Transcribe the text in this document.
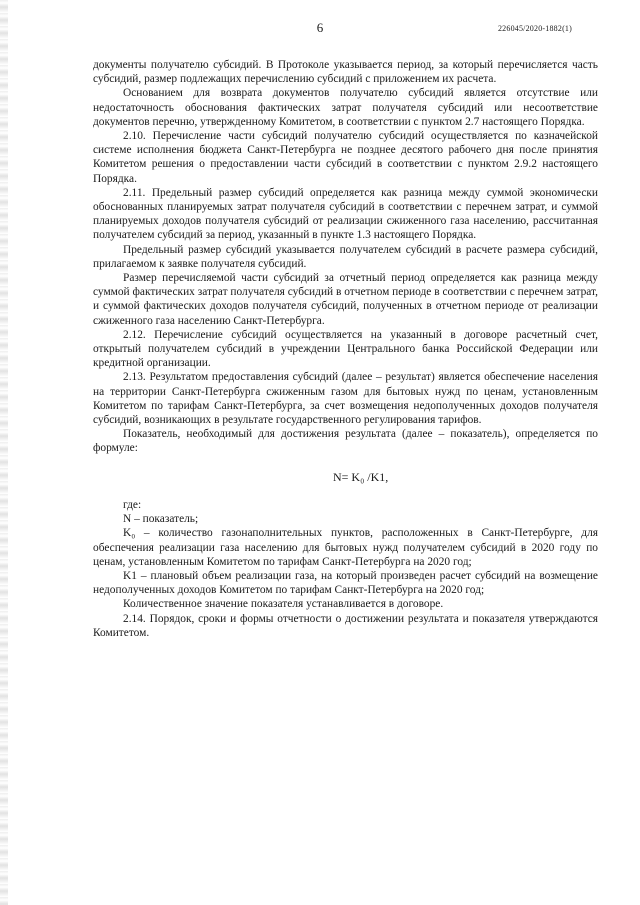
6	226045/2020-1882(1)

документы получателю субсидий. В Протоколе указывается период, за который перечисляется часть субсидий, размер подлежащих перечислению субсидий с приложением их расчета.

Основанием для возврата документов получателю субсидий является отсутствие или недостаточность обоснования фактических затрат получателя субсидий или несоответствие документов перечню, утвержденному Комитетом, в соответствии с пунктом 2.7 настоящего Порядка.

2.10. Перечисление части субсидий получателю субсидий осуществляется по казначейской системе исполнения бюджета Санкт-Петербурга не позднее десятого рабочего дня после принятия Комитетом решения о предоставлении части субсидий в соответствии с пунктом 2.9.2 настоящего Порядка.

2.11. Предельный размер субсидий определяется как разница между суммой экономически обоснованных планируемых затрат получателя субсидий в соответствии с перечнем затрат, и суммой планируемых доходов получателя субсидий от реализации сжиженного газа населению, рассчитанная получателем субсидий за период, указанный в пункте 1.3 настоящего Порядка.

Предельный размер субсидий указывается получателем субсидий в расчете размера субсидий, прилагаемом к заявке получателя субсидий.

Размер перечисляемой части субсидий за отчетный период определяется как разница между суммой фактических затрат получателя субсидий в отчетном периоде в соответствии с перечнем затрат, и суммой фактических доходов получателя субсидий, полученных в отчетном периоде от реализации сжиженного газа населению Санкт-Петербурга.

2.12. Перечисление субсидий осуществляется на указанный в договоре расчетный счет, открытый получателем субсидий в учреждении Центрального банка Российской Федерации или кредитной организации.

2.13. Результатом предоставления субсидий (далее – результат) является обеспечение населения на территории Санкт-Петербурга сжиженным газом для бытовых нужд по ценам, установленным Комитетом по тарифам Санкт-Петербурга, за счет возмещения недополученных доходов получателя субсидий, возникающих в результате государственного регулирования тарифов.

Показатель, необходимый для достижения результата (далее – показатель), определяется по формуле:

N= K₀ /K1,

где:

N – показатель;

K₀ – количество газонаполнительных пунктов, расположенных в Санкт-Петербурге, для обеспечения реализации газа населению для бытовых нужд получателем субсидий в 2020 году по ценам, установленным Комитетом по тарифам Санкт-Петербурга на 2020 год;

K1 – плановый объем реализации газа, на который произведен расчет субсидий на возмещение недополученных доходов Комитетом по тарифам Санкт-Петербурга на 2020 год;

Количественное значение показателя устанавливается в договоре.

2.14. Порядок, сроки и формы отчетности о достижении результата и показателя утверждаются Комитетом.
